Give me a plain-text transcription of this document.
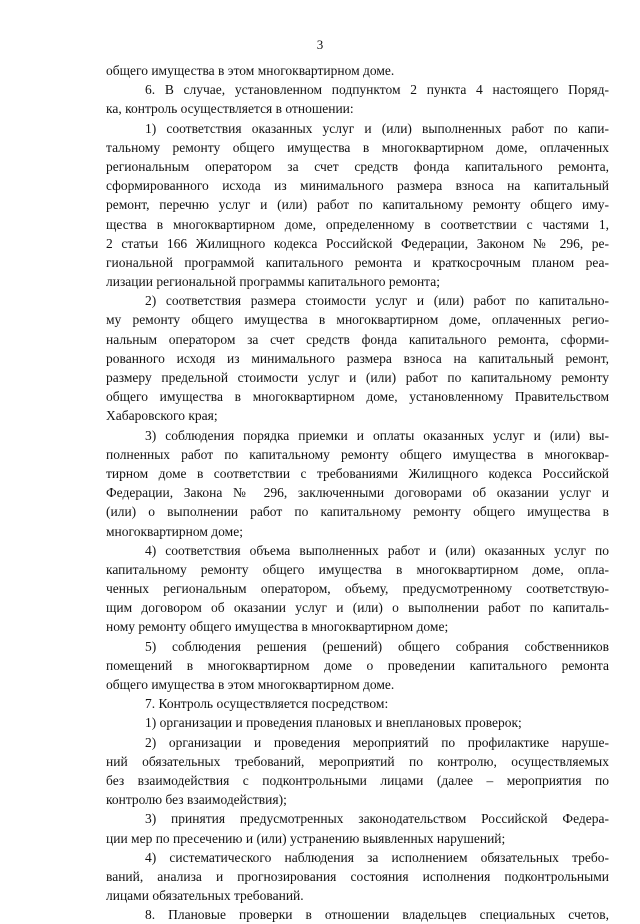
3
общего имущества в этом многоквартирном доме.
6. В случае, установленном подпунктом 2 пункта 4 настоящего Поряд-
ка, контроль осуществляется в отношении:
1) соответствия оказанных услуг и (или) выполненных работ по капи-
тальному ремонту общего имущества в многоквартирном доме, оплаченных
региональным оператором за счет средств фонда капитального ремонта,
сформированного исхода из минимального размера взноса на капитальный
ремонт, перечню услуг и (или) работ по капитальному ремонту общего иму-
щества в многоквартирном доме, определенному в соответствии с частями 1,
2 статьи 166 Жилищного кодекса Российской Федерации, Законом № 296, ре-
гиональной программой капитального ремонта и краткосрочным планом реа-
лизации региональной программы капитального ремонта;
2) соответствия размера стоимости услуг и (или) работ по капитально-
му ремонту общего имущества в многоквартирном доме, оплаченных регио-
нальным оператором за счет средств фонда капитального ремонта, сформи-
рованного исходя из минимального размера взноса на капитальный ремонт,
размеру предельной стоимости услуг и (или) работ по капитальному ремонту
общего имущества в многоквартирном доме, установленному Правительством
Хабаровского края;
3) соблюдения порядка приемки и оплаты оказанных услуг и (или) вы-
полненных работ по капитальному ремонту общего имущества в многоквар-
тирном доме в соответствии с требованиями Жилищного кодекса Российской
Федерации, Закона № 296, заключенными договорами об оказании услуг и
(или) о выполнении работ по капитальному ремонту общего имущества в
многоквартирном доме;
4) соответствия объема выполненных работ и (или) оказанных услуг по
капитальному ремонту общего имущества в многоквартирном доме, опла-
ченных региональным оператором, объему, предусмотренному соответствую-
щим договором об оказании услуг и (или) о выполнении работ по капиталь-
ному ремонту общего имущества в многоквартирном доме;
5) соблюдения решения (решений) общего собрания собственников
помещений в многоквартирном доме о проведении капитального ремонта
общего имущества в этом многоквартирном доме.
7. Контроль осуществляется посредством:
1) организации и проведения плановых и внеплановых проверок;
2) организации и проведения мероприятий по профилактике наруше-
ний обязательных требований, мероприятий по контролю, осуществляемых
без взаимодействия с подконтрольными лицами (далее – мероприятия по
контролю без взаимодействия);
3) принятия предусмотренных законодательством Российской Федера-
ции мер по пресечению и (или) устранению выявленных нарушений;
4) систематического наблюдения за исполнением обязательных требо-
ваний, анализа и прогнозирования состояния исполнения подконтрольными
лицами обязательных требований.
8. Плановые проверки в отношении владельцев специальных счетов,
